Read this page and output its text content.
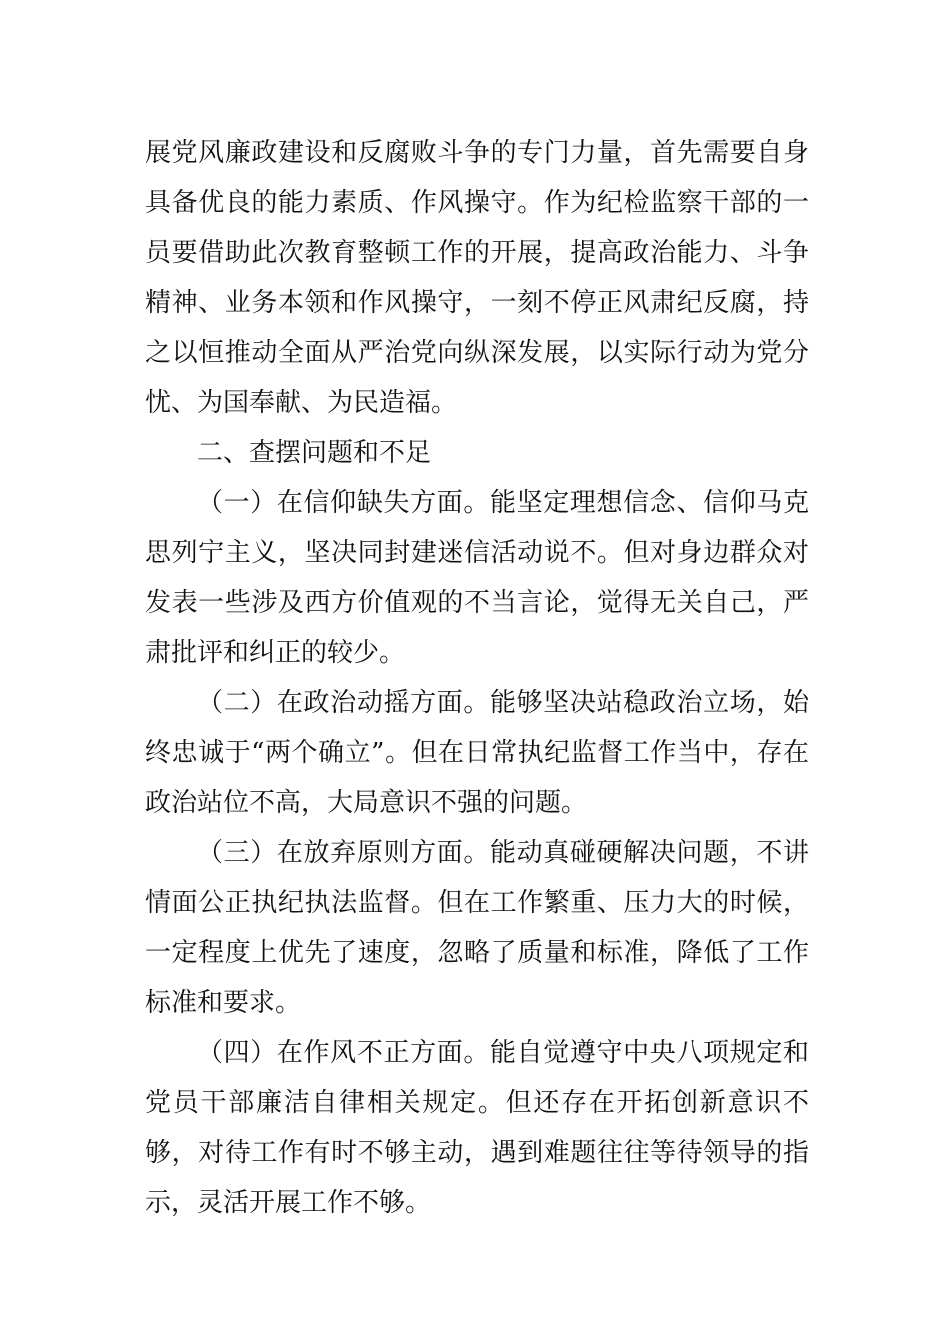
展党风廉政建设和反腐败斗争的专门力量，首先需要自身具备优良的能力素质、作风操守。作为纪检监察干部的一员要借助此次教育整顿工作的开展，提高政治能力、斗争精神、业务本领和作风操守，一刻不停正风肃纪反腐，持之以恒推动全面从严治党向纵深发展，以实际行动为党分忧、为国奉献、为民造福。

二、查摆问题和不足

（一）在信仰缺失方面。能坚定理想信念、信仰马克思列宁主义，坚决同封建迷信活动说不。但对身边群众对发表一些涉及西方价值观的不当言论，觉得无关自己，严肃批评和纠正的较少。

（二）在政治动摇方面。能够坚决站稳政治立场，始终忠诚于“两个确立”。但在日常执纪监督工作当中，存在政治站位不高，大局意识不强的问题。

（三）在放弃原则方面。能动真碰硬解决问题，不讲情面公正执纪执法监督。但在工作繁重、压力大的时候，一定程度上优先了速度，忽略了质量和标准，降低了工作标准和要求。

（四）在作风不正方面。能自觉遵守中央八项规定和党员干部廉洁自律相关规定。但还存在开拓创新意识不够，对待工作有时不够主动，遇到难题往往等待领导的指示，灵活开展工作不够。
